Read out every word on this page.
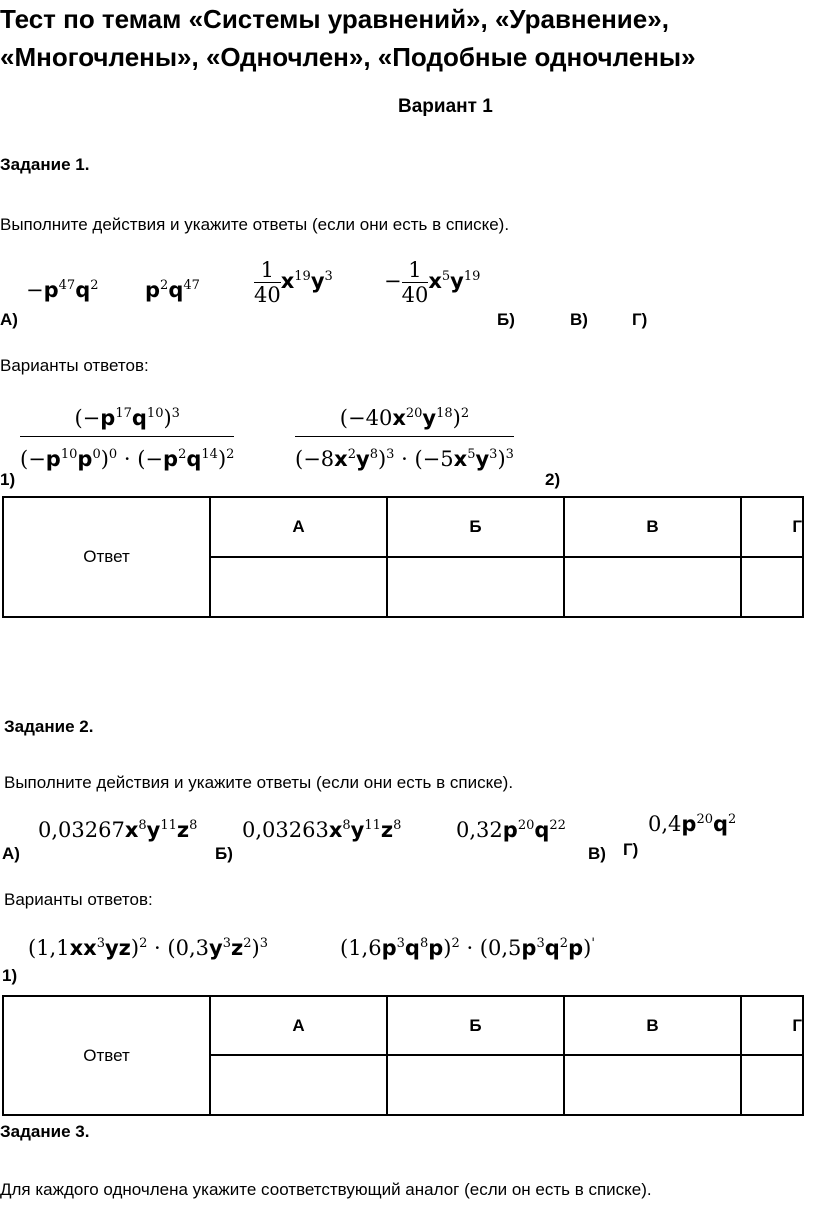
Тест по темам «Системы уравнений», «Уравнение»,
«Многочлены», «Одночлен», «Подобные одночлены»
Вариант 1
Задание 1.
Выполните действия и укажите ответы (если они есть в списке).
$-p^{47}q^2$ $p^2q^{47}$	$\frac{1}{40} x^{19}y^3 - \frac{1}{40} x^5y^{19}$
А)	Б)	В)	Г)
Варианты ответов:
$\frac{(-p^{17}q^{10})^3}{(-p^{10}p^0)^0 \cdot (-p^2q^{14})^2}$	$\frac{(-40x^{20}y^{18})^2}{(-8x^2y^8)^3 \cdot (-5x^5y^3)^3}$
1)	2)
Ответ	А	Б	В	Г

Задание 2.
Выполните действия и укажите ответы (если они есть в списке).
$0,03267x^8y^{11}z^8$ $0,03263x^8y^{11}z^8$	$0,32p^{20}q^{22}$	$0,4p^{20}q^2$
А)	Б)	В) Г)
Варианты ответов:
$(1,1xx^3yz)^2 \cdot (0,3y^3z^2)^3$	$(1,6p^3q^8p)^2 \cdot (0,5p^3q^2p)'$
1)
Ответ	А	Б	В	Г

Задание 3.
Для каждого одночлена укажите соответствующий аналог (если он есть в списке).
